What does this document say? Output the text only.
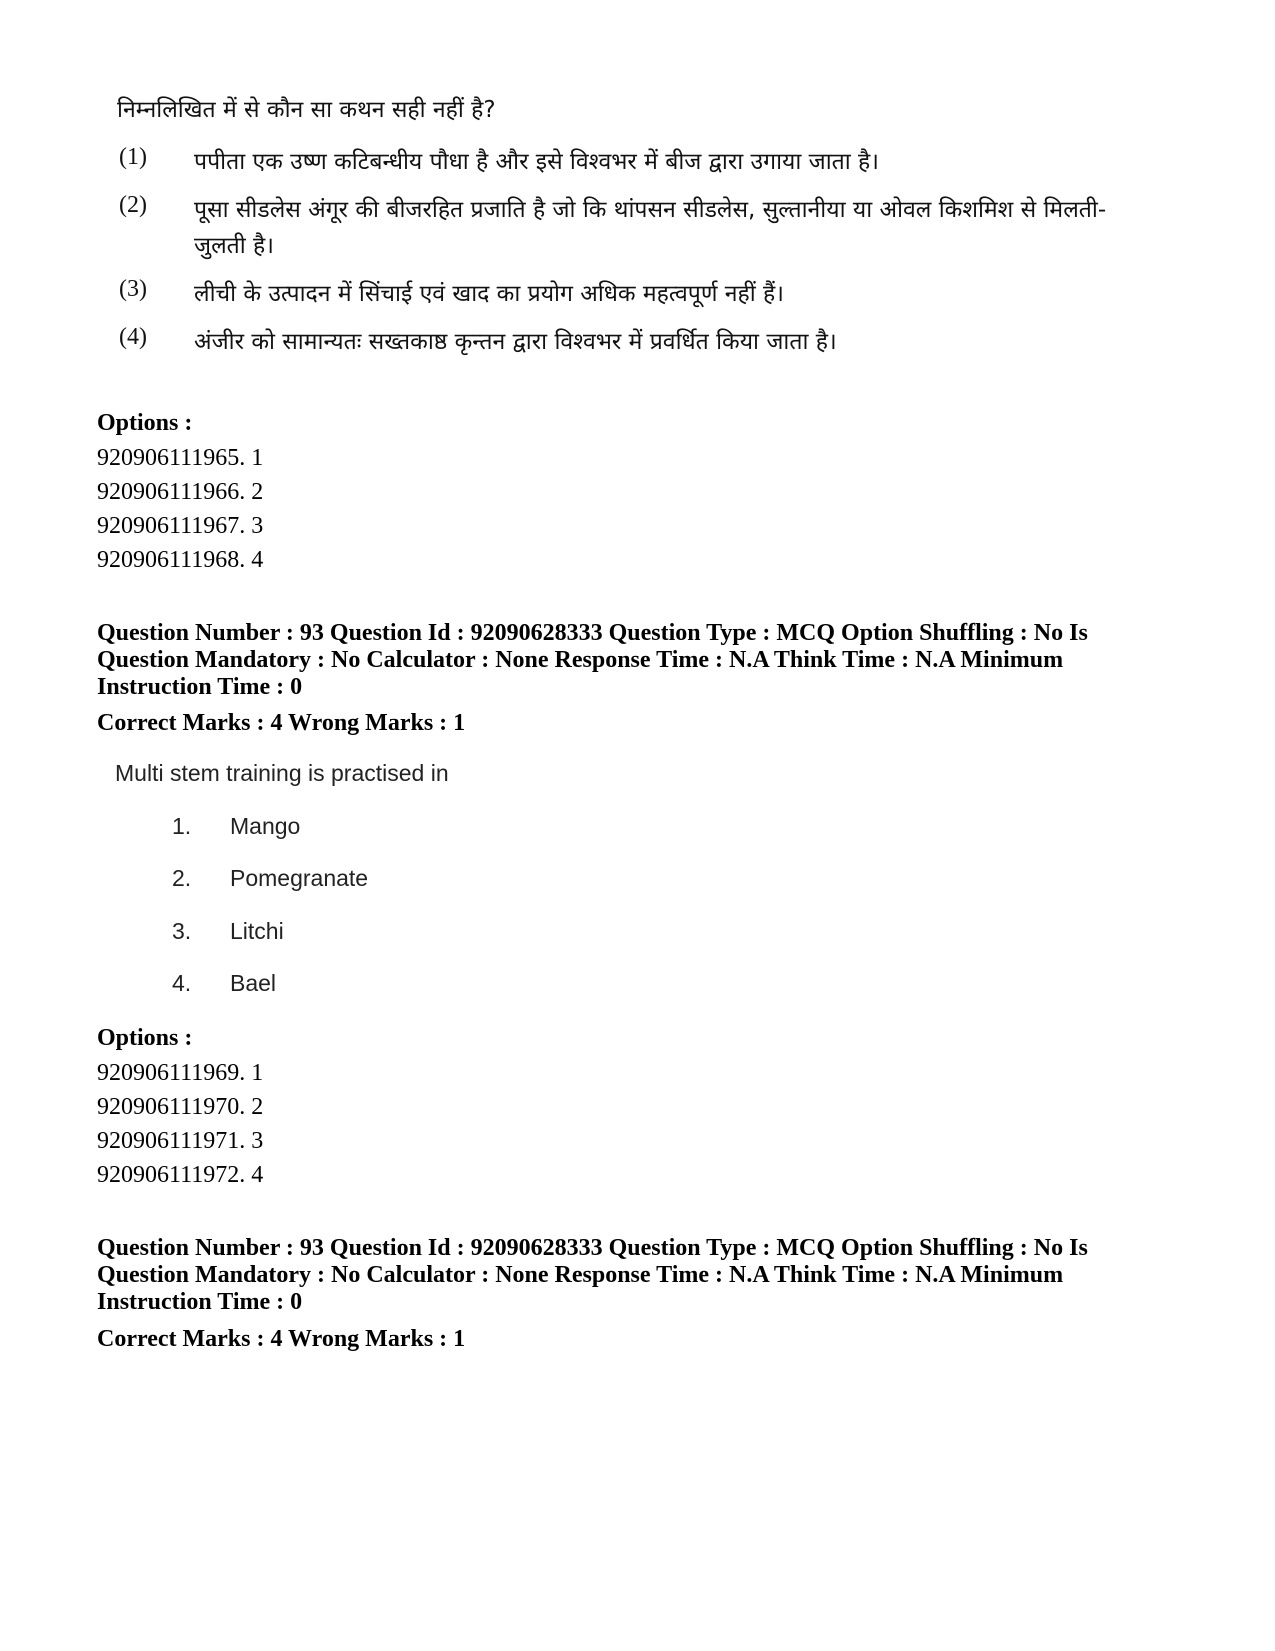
निम्नलिखित में से कौन सा कथन सही नहीं है?
(1) पपीता एक उष्ण कटिबन्धीय पौधा है और इसे विश्वभर में बीज द्वारा उगाया जाता है।
(2) पूसा सीडलेस अंगूर की बीजरहित प्रजाति है जो कि थांपसन सीडलेस, सुल्तानीया या ओवल किशमिश से मिलती-जुलती है।
(3) लीची के उत्पादन में सिंचाई एवं खाद का प्रयोग अधिक महत्वपूर्ण नहीं हैं।
(4) अंजीर को सामान्यतः सख्तकाष्ठ कृन्तन द्वारा विश्वभर में प्रवर्धित किया जाता है।
Options :
920906111965. 1
920906111966. 2
920906111967. 3
920906111968. 4
Question Number : 93 Question Id : 92090628333 Question Type : MCQ Option Shuffling : No Is Question Mandatory : No Calculator : None Response Time : N.A Think Time : N.A Minimum Instruction Time : 0
Correct Marks : 4 Wrong Marks : 1
Multi stem training is practised in
1.	Mango
2.	Pomegranate
3.	Litchi
4.	Bael
Options :
920906111969. 1
920906111970. 2
920906111971. 3
920906111972. 4
Question Number : 93 Question Id : 92090628333 Question Type : MCQ Option Shuffling : No Is Question Mandatory : No Calculator : None Response Time : N.A Think Time : N.A Minimum Instruction Time : 0
Correct Marks : 4 Wrong Marks : 1
